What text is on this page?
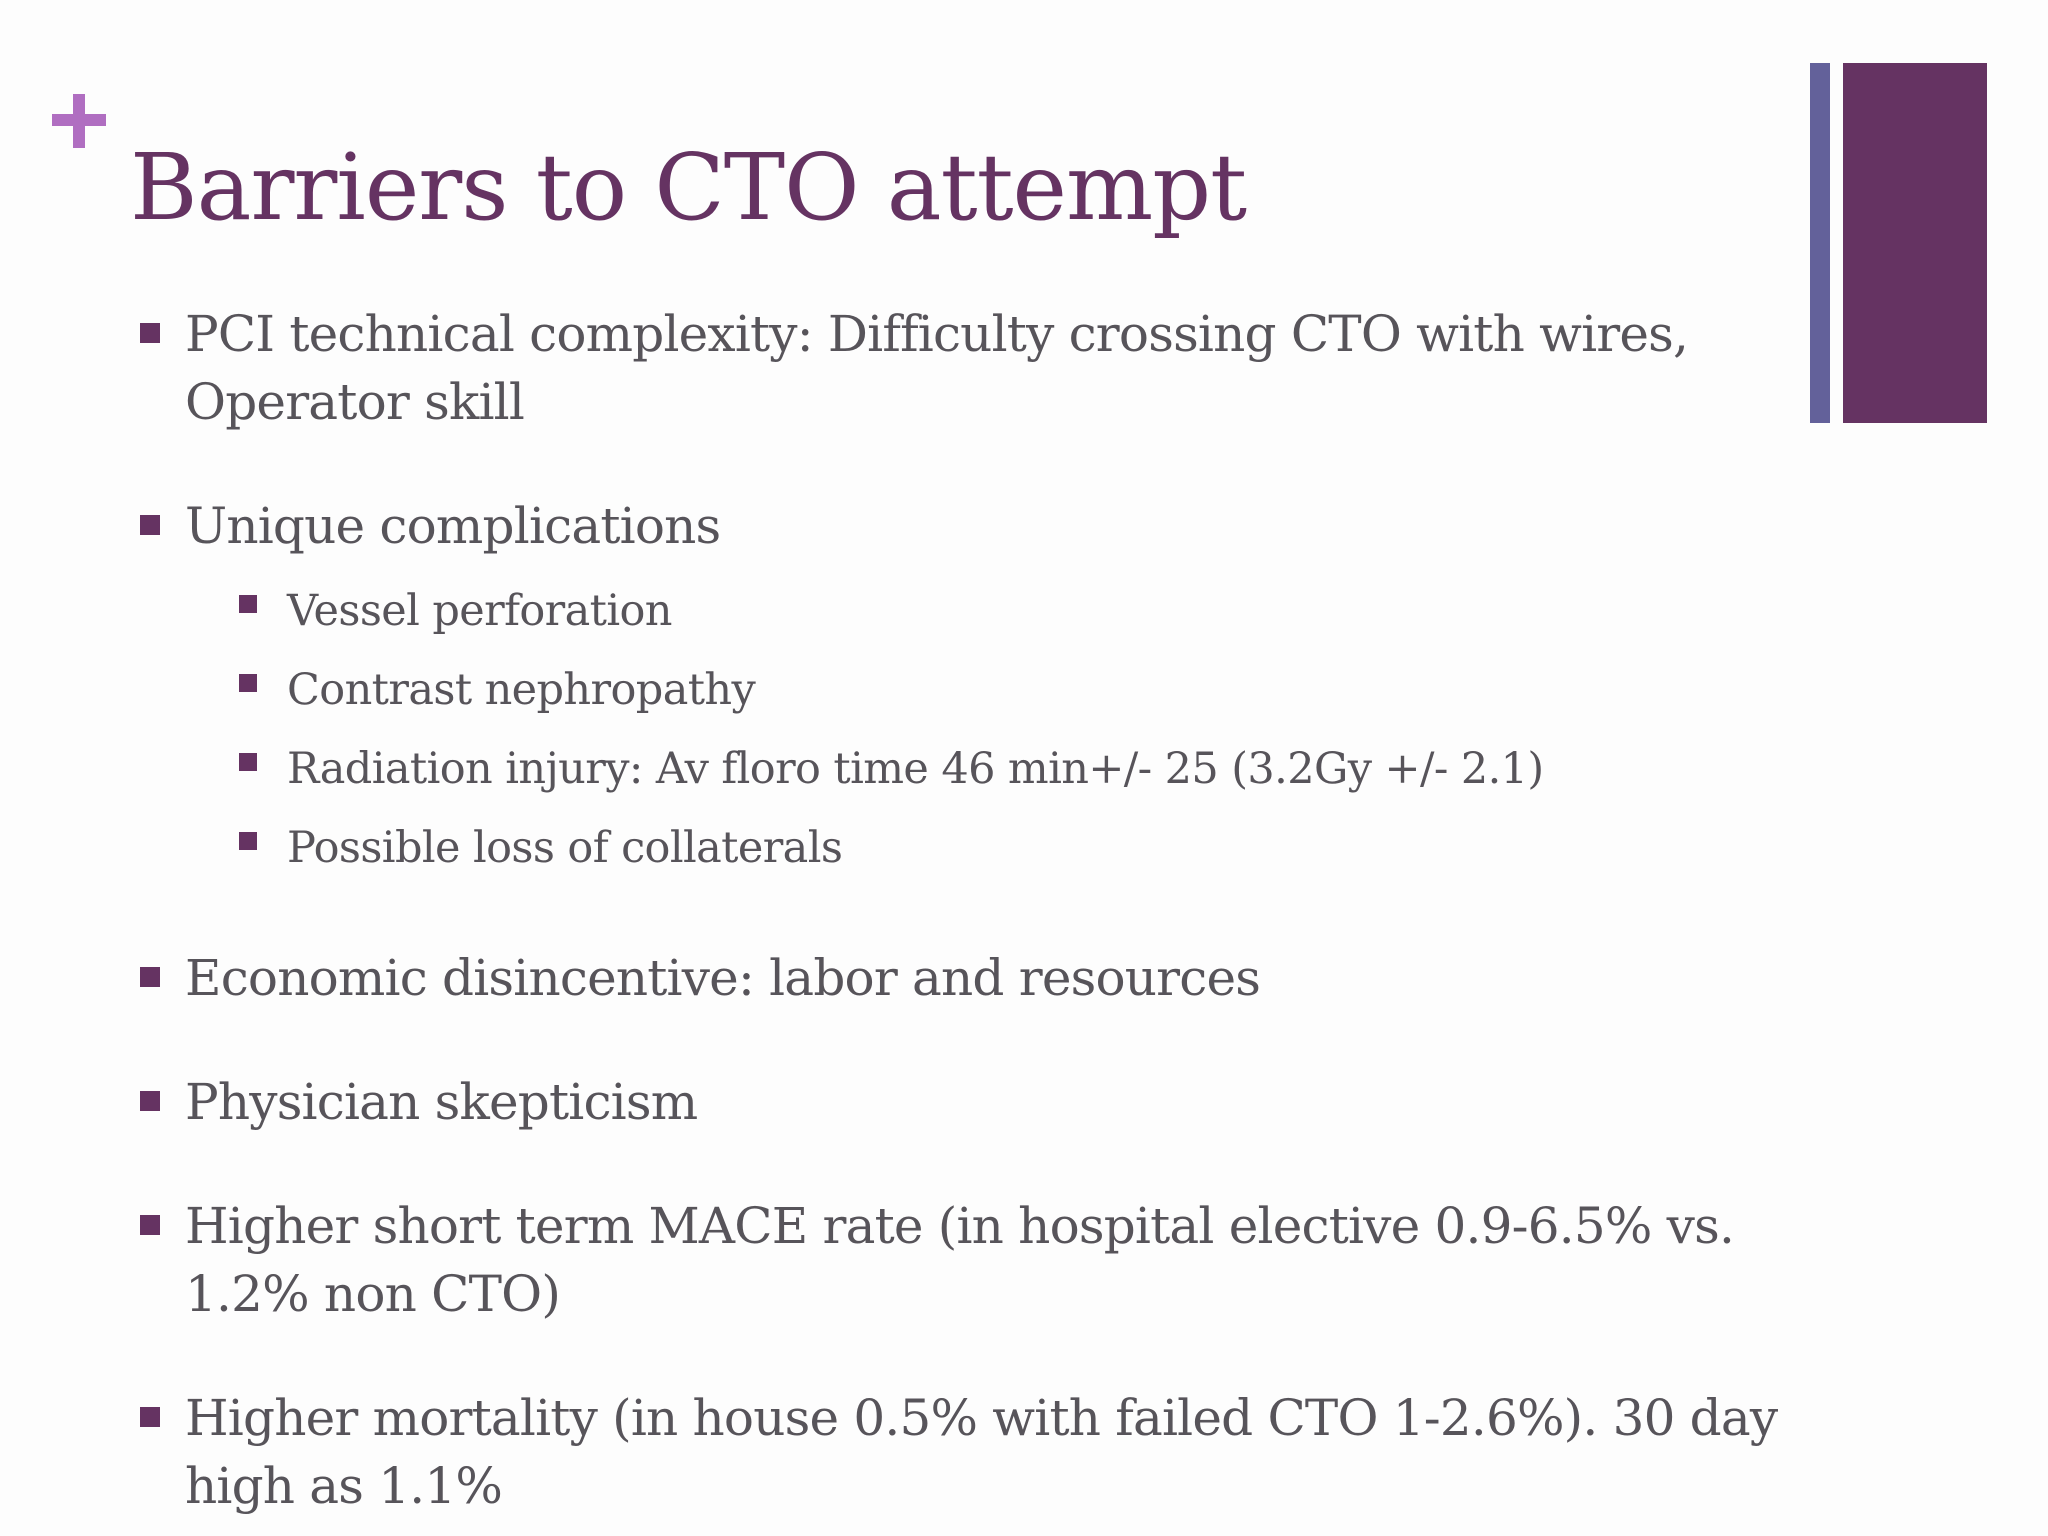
Barriers to CTO attempt
PCI technical complexity: Difficulty crossing CTO with wires, Operator skill
Unique complications
Vessel perforation
Contrast nephropathy
Radiation injury: Av floro time 46 min+/- 25 (3.2Gy +/- 2.1)
Possible loss of collaterals
Economic disincentive: labor and resources
Physician skepticism
Higher short term MACE rate (in hospital elective 0.9-6.5% vs. 1.2% non CTO)
Higher mortality (in house 0.5% with failed CTO 1-2.6%). 30 day high as 1.1%
